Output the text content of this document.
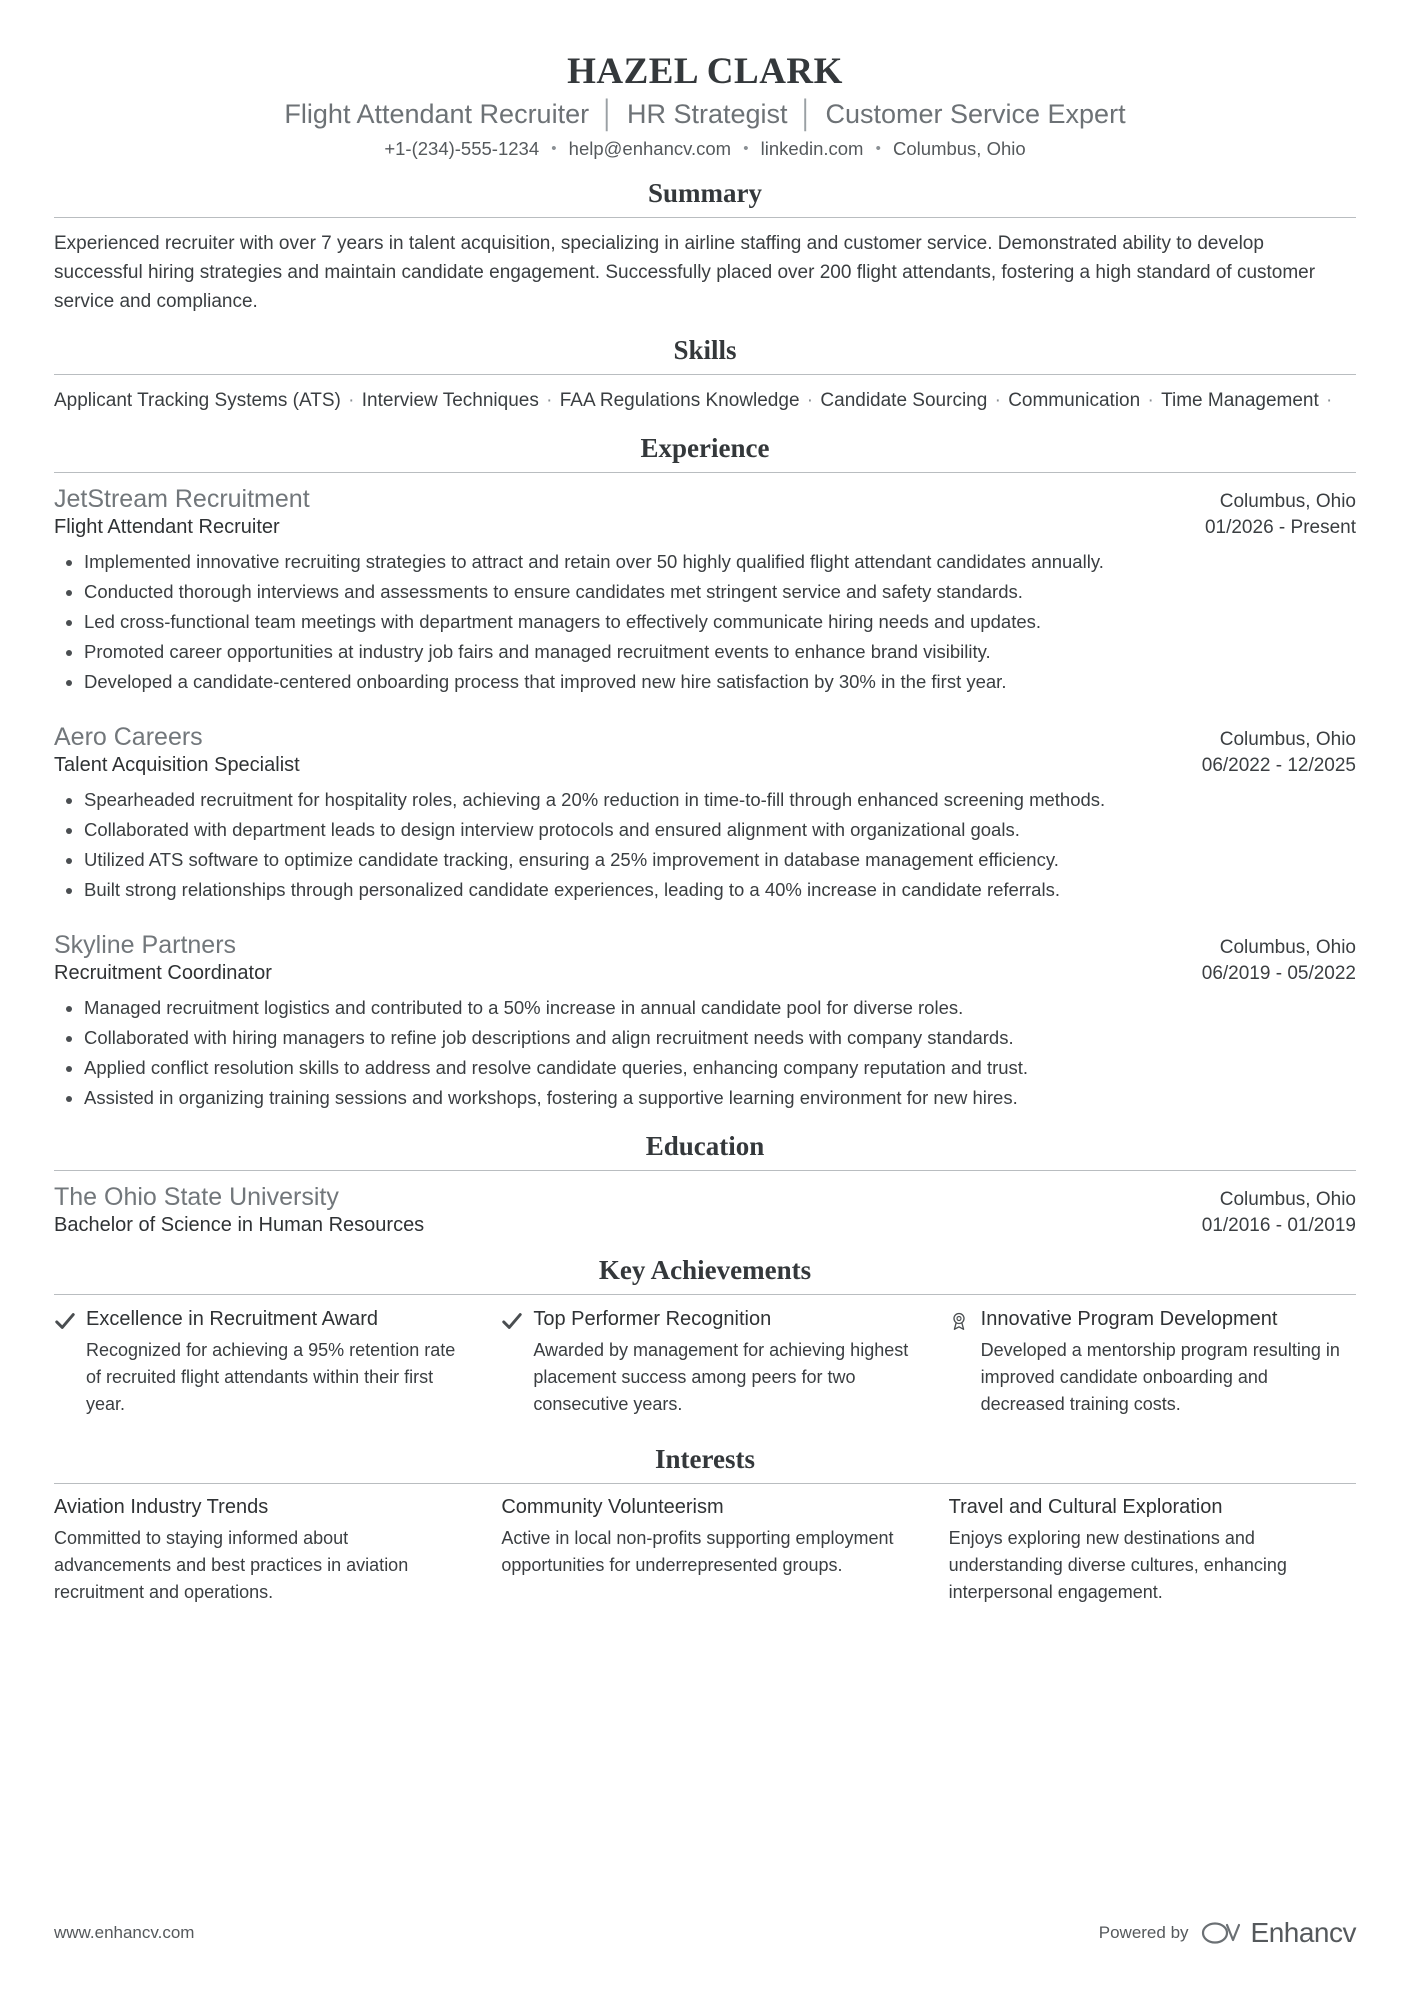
HAZEL CLARK
Flight Attendant Recruiter │ HR Strategist │ Customer Service Expert
+1-(234)-555-1234 • help@enhancv.com • linkedin.com • Columbus, Ohio
Summary

Experienced recruiter with over 7 years in talent acquisition, specializing in airline staffing and customer service. Demonstrated ability to develop successful hiring strategies and maintain candidate engagement. Successfully placed over 200 flight attendants, fostering a high standard of customer service and compliance.

Skills
Applicant Tracking Systems (ATS) · Interview Techniques · FAA Regulations Knowledge · Candidate Sourcing · Communication · Time Management ·
Experience
JetStream Recruitment	Columbus, Ohio
Flight Attendant Recruiter	01/2026 - Present
• Implemented innovative recruiting strategies to attract and retain over 50 highly qualified flight attendant candidates annually.
• Conducted thorough interviews and assessments to ensure candidates met stringent service and safety standards.
• Led cross-functional team meetings with department managers to effectively communicate hiring needs and updates.
• Promoted career opportunities at industry job fairs and managed recruitment events to enhance brand visibility.
• Developed a candidate-centered onboarding process that improved new hire satisfaction by 30% in the first year.
Aero Careers	Columbus, Ohio
Talent Acquisition Specialist	06/2022 - 12/2025
• Spearheaded recruitment for hospitality roles, achieving a 20% reduction in time-to-fill through enhanced screening methods.
• Collaborated with department leads to design interview protocols and ensured alignment with organizational goals.
• Utilized ATS software to optimize candidate tracking, ensuring a 25% improvement in database management efficiency.
• Built strong relationships through personalized candidate experiences, leading to a 40% increase in candidate referrals.
Skyline Partners	Columbus, Ohio
Recruitment Coordinator	06/2019 - 05/2022
• Managed recruitment logistics and contributed to a 50% increase in annual candidate pool for diverse roles.
• Collaborated with hiring managers to refine job descriptions and align recruitment needs with company standards.
• Applied conflict resolution skills to address and resolve candidate queries, enhancing company reputation and trust.
• Assisted in organizing training sessions and workshops, fostering a supportive learning environment for new hires.
Education
The Ohio State University	Columbus, Ohio
Bachelor of Science in Human Resources	01/2016 - 01/2019
Key Achievements
Excellence in Recruitment Award
Recognized for achieving a 95% retention rate of recruited flight attendants within their first year.
Top Performer Recognition
Awarded by management for achieving highest placement success among peers for two consecutive years.
Innovative Program Development
Developed a mentorship program resulting in improved candidate onboarding and decreased training costs.
Interests
Aviation Industry Trends
Committed to staying informed about advancements and best practices in aviation recruitment and operations.
Community Volunteerism
Active in local non-profits supporting employment opportunities for underrepresented groups.
Travel and Cultural Exploration
Enjoys exploring new destinations and understanding diverse cultures, enhancing interpersonal engagement.
www.enhancv.com	Powered by Enhancv
